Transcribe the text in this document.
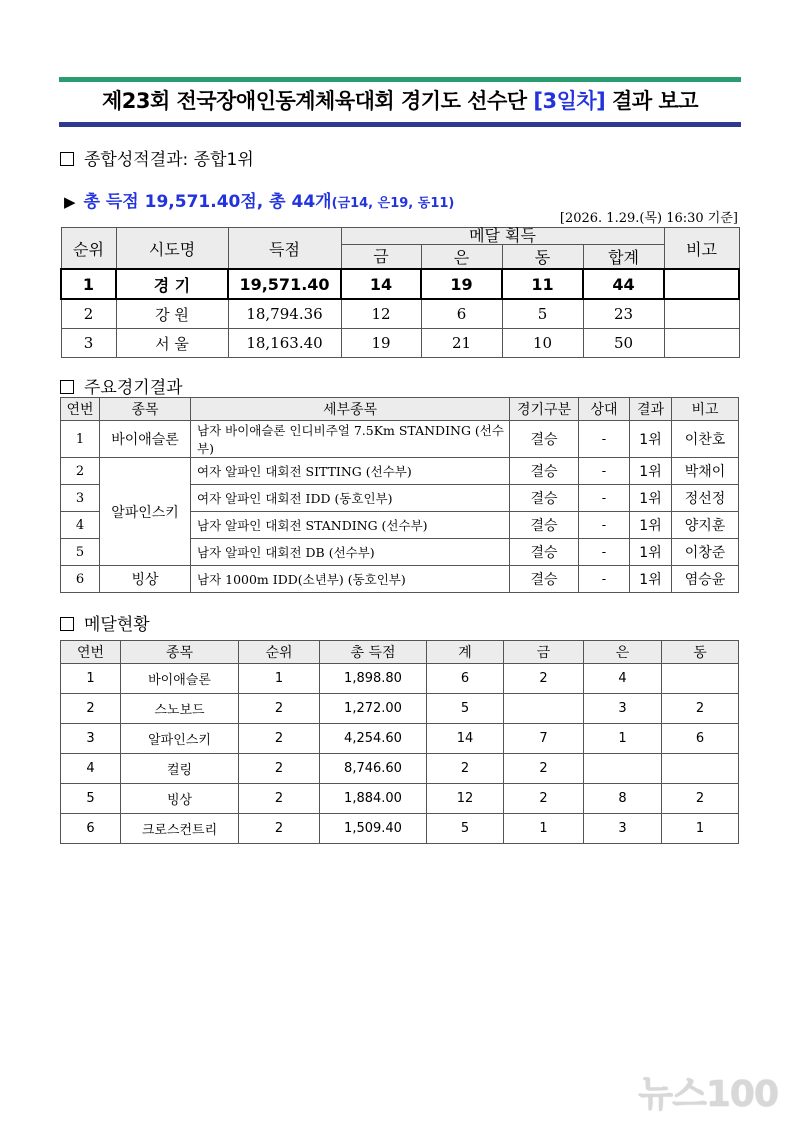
제23회 전국장애인동계체육대회 경기도 선수단 [3일차] 결과 보고
종합성적결과: 종합1위
▶ 총 득점 19,571.40점, 총 44개(금14, 은19, 동11)
[2026. 1.29.(목) 16:30 기준]
순위	시도명	득점	메달 획득				비고
			금	은	동	합계	
1	경 기	19,571.40	14	19	11	44	
2	강 원	18,794.36	12	6	5	23	
3	서 울	18,163.40	19	21	10	50	
주요경기결과
연번	종목	세부종목	경기구분	상대	결과	비고
1	바이애슬론	남자 바이애슬론 인디비주얼 7.5Km STANDING (선수부)	결승	-	1위	이찬호
2	알파인스키	여자 알파인 대회전 SITTING (선수부)	결승	-	1위	박채이
3		여자 알파인 대회전 IDD (동호인부)	결승	-	1위	정선정
4		남자 알파인 대회전 STANDING (선수부)	결승	-	1위	양지훈
5		남자 알파인 대회전 DB (선수부)	결승	-	1위	이창준
6	빙상	남자 1000m IDD(소년부) (동호인부)	결승	-	1위	염승윤
메달현황
연번	종목	순위	총 득점	계	금	은	동
1	바이애슬론	1	1,898.80	6	2	4	
2	스노보드	2	1,272.00	5		3	2
3	알파인스키	2	4,254.60	14	7	1	6
4	컬링	2	8,746.60	2	2		
5	빙상	2	1,884.00	12	2	8	2
6	크로스컨트리	2	1,509.40	5	1	3	1
뉴스100
